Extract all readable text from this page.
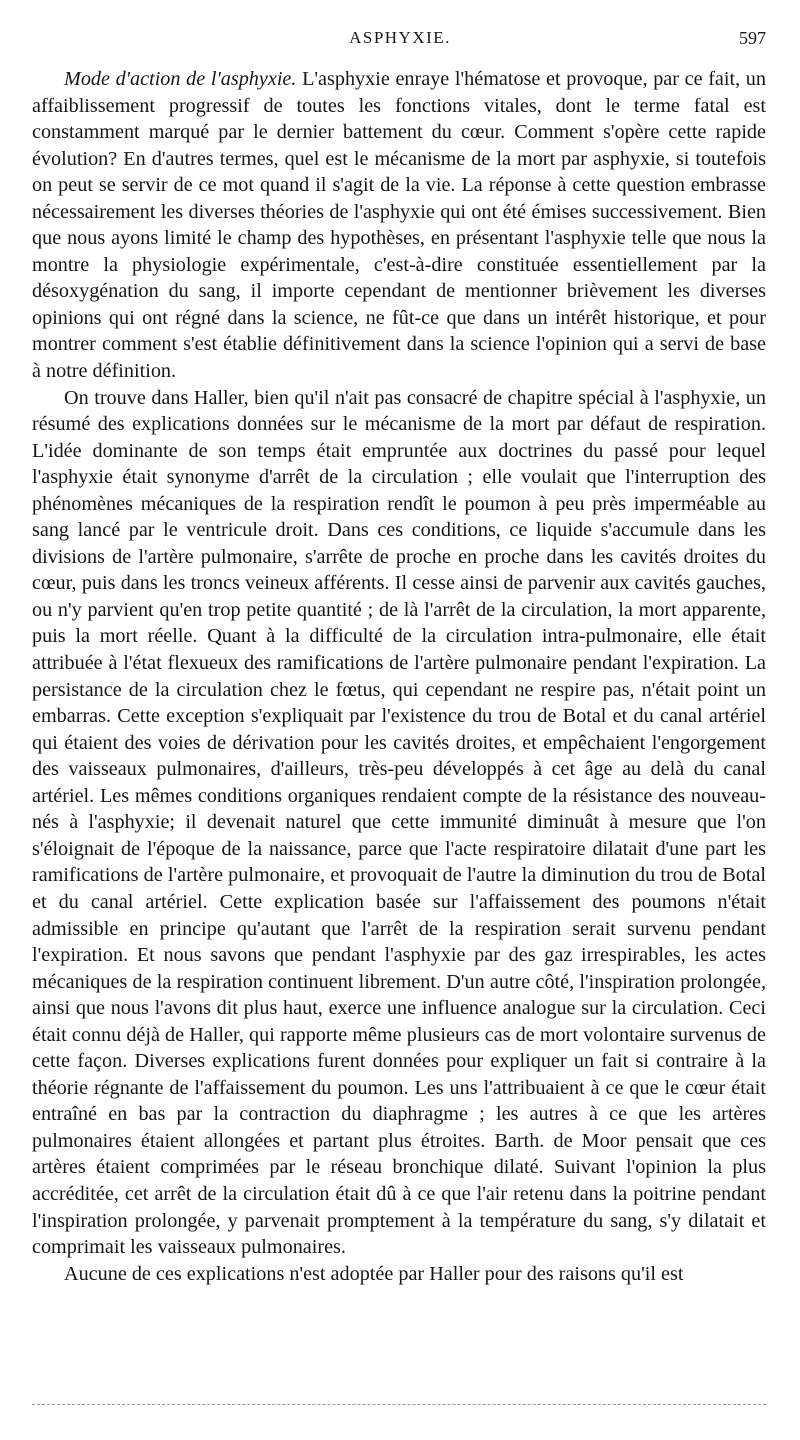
ASPHYXIE.	597

Mode d'action de l'asphyxie. L'asphyxie enraye l'hématose et provoque, par ce fait, un affaiblissement progressif de toutes les fonctions vitales, dont le terme fatal est constamment marqué par le dernier battement du cœur. Comment s'opère cette rapide évolution? En d'autres termes, quel est le mécanisme de la mort par asphyxie, si toutefois on peut se servir de ce mot quand il s'agit de la vie. La réponse à cette question embrasse nécessairement les diverses théories de l'asphyxie qui ont été émises successivement. Bien que nous ayons limité le champ des hypothèses, en présentant l'asphyxie telle que nous la montre la physiologie expérimentale, c'est-à-dire constituée essentiellement par la désoxygénation du sang, il importe cependant de mentionner brièvement les diverses opinions qui ont régné dans la science, ne fût-ce que dans un intérêt historique, et pour montrer comment s'est établie définitivement dans la science l'opinion qui a servi de base à notre définition.

On trouve dans Haller, bien qu'il n'ait pas consacré de chapitre spécial à l'asphyxie, un résumé des explications données sur le mécanisme de la mort par défaut de respiration. L'idée dominante de son temps était empruntée aux doctrines du passé pour lequel l'asphyxie était synonyme d'arrêt de la circulation ; elle voulait que l'interruption des phénomènes mécaniques de la respiration rendît le poumon à peu près imperméable au sang lancé par le ventricule droit. Dans ces conditions, ce liquide s'accumule dans les divisions de l'artère pulmonaire, s'arrête de proche en proche dans les cavités droites du cœur, puis dans les troncs veineux afférents. Il cesse ainsi de parvenir aux cavités gauches, ou n'y parvient qu'en trop petite quantité ; de là l'arrêt de la circulation, la mort apparente, puis la mort réelle. Quant à la difficulté de la circulation intra-pulmonaire, elle était attribuée à l'état flexueux des ramifications de l'artère pulmonaire pendant l'expiration. La persistance de la circulation chez le fœtus, qui cependant ne respire pas, n'était point un embarras. Cette exception s'expliquait par l'existence du trou de Botal et du canal artériel qui étaient des voies de dérivation pour les cavités droites, et empêchaient l'engorgement des vaisseaux pulmonaires, d'ailleurs, très-peu développés à cet âge au delà du canal artériel. Les mêmes conditions organiques rendaient compte de la résistance des nouveau-nés à l'asphyxie; il devenait naturel que cette immunité diminuât à mesure que l'on s'éloignait de l'époque de la naissance, parce que l'acte respiratoire dilatait d'une part les ramifications de l'artère pulmonaire, et provoquait de l'autre la diminution du trou de Botal et du canal artériel. Cette explication basée sur l'affaissement des poumons n'était admissible en principe qu'autant que l'arrêt de la respiration serait survenu pendant l'expiration. Et nous savons que pendant l'asphyxie par des gaz irrespirables, les actes mécaniques de la respiration continuent librement. D'un autre côté, l'inspiration prolongée, ainsi que nous l'avons dit plus haut, exerce une influence analogue sur la circulation. Ceci était connu déjà de Haller, qui rapporte même plusieurs cas de mort volontaire survenus de cette façon. Diverses explications furent données pour expliquer un fait si contraire à la théorie régnante de l'affaissement du poumon. Les uns l'attribuaient à ce que le cœur était entraîné en bas par la contraction du diaphragme ; les autres à ce que les artères pulmonaires étaient allongées et partant plus étroites. Barth. de Moor pensait que ces artères étaient comprimées par le réseau bronchique dilaté. Suivant l'opinion la plus accréditée, cet arrêt de la circulation était dû à ce que l'air retenu dans la poitrine pendant l'inspiration prolongée, y parvenait promptement à la température du sang, s'y dilatait et comprimait les vaisseaux pulmonaires.

Aucune de ces explications n'est adoptée par Haller pour des raisons qu'il est
